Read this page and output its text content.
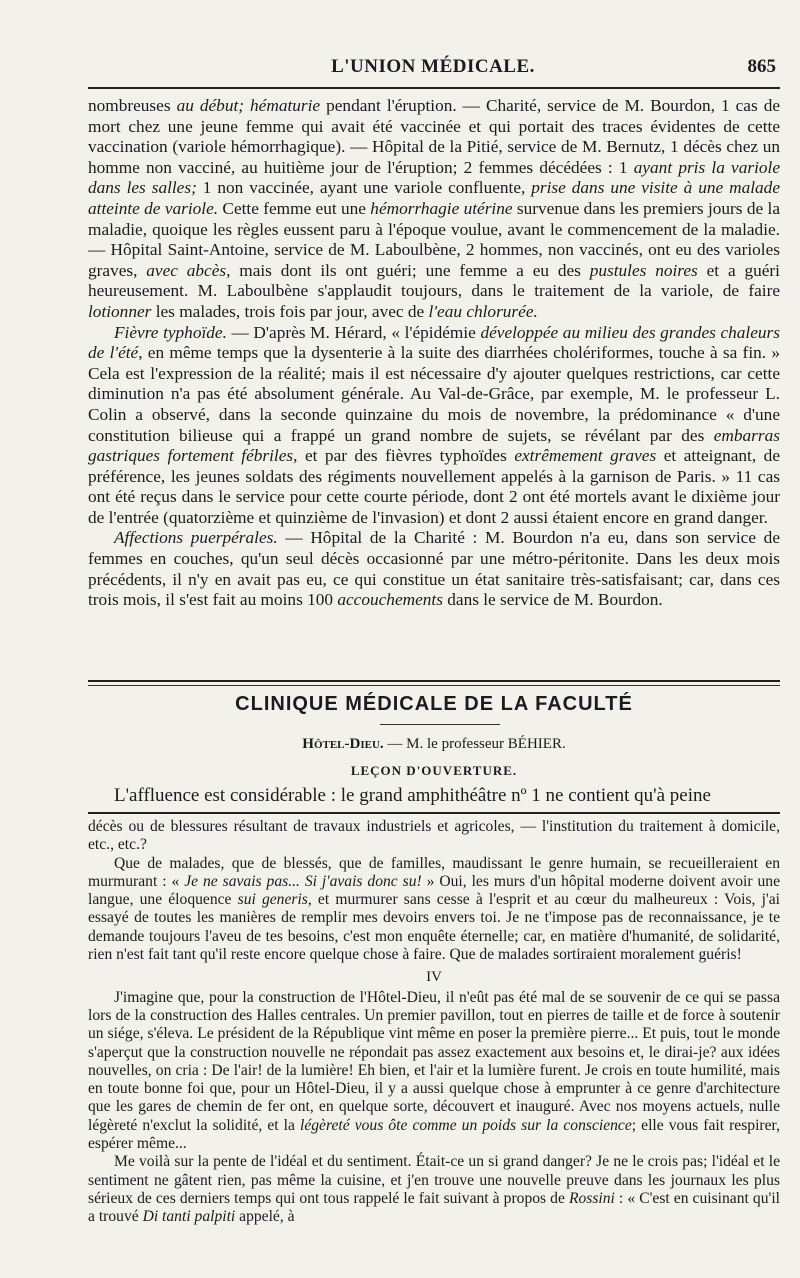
L'UNION MÉDICALE.	865

nombreuses au début; hématurie pendant l'éruption. — Charité, service de M. Bourdon, 1 cas de mort chez une jeune femme qui avait été vaccinée et qui portait des traces évidentes de cette vaccination (variole hémorrhagique). — Hôpital de la Pitié, service de M. Bernutz, 1 décès chez un homme non vacciné, au huitième jour de l'éruption; 2 femmes décédées : 1 ayant pris la variole dans les salles; 1 non vaccinée, ayant une variole confluente, prise dans une visite à une malade atteinte de variole. Cette femme eut une hémorrhagie utérine survenue dans les premiers jours de la maladie, quoique les règles eussent paru à l'époque voulue, avant le commencement de la maladie. — Hôpital Saint-Antoine, service de M. Laboulbène, 2 hommes, non vaccinés, ont eu des varioles graves, avec abcès, mais dont ils ont guéri; une femme a eu des pustules noires et a guéri heureusement. M. Laboulbène s'applaudit toujours, dans le traitement de la variole, de faire lotionner les malades, trois fois par jour, avec de l'eau chlorurée.

Fièvre typhoïde. — D'après M. Hérard, « l'épidémie développée au milieu des grandes chaleurs de l'été, en même temps que la dysenterie à la suite des diarrhées cholériformes, touche à sa fin. » Cela est l'expression de la réalité; mais il est nécessaire d'y ajouter quelques restrictions, car cette diminution n'a pas été absolument générale. Au Val-de-Grâce, par exemple, M. le professeur L. Colin a observé, dans la seconde quinzaine du mois de novembre, la prédominance « d'une constitution bilieuse qui a frappé un grand nombre de sujets, se révélant par des embarras gastriques fortement fébriles, et par des fièvres typhoïdes extrêmement graves et atteignant, de préférence, les jeunes soldats des régiments nouvellement appelés à la garnison de Paris. » 11 cas ont été reçus dans le service pour cette courte période, dont 2 ont été mortels avant le dixième jour de l'entrée (quatorzième et quinzième de l'invasion) et dont 2 aussi étaient encore en grand danger.

Affections puerpérales. — Hôpital de la Charité : M. Bourdon n'a eu, dans son service de femmes en couches, qu'un seul décès occasionné par une métro-péritonite. Dans les deux mois précédents, il n'y en avait pas eu, ce qui constitue un état sanitaire très-satisfaisant; car, dans ces trois mois, il s'est fait au moins 100 accouchements dans le service de M. Bourdon.

CLINIQUE MÉDICALE DE LA FACULTÉ
Hôtel-Dieu. — M. le professeur BÉHIER.
LEÇON D'OUVERTURE.
L'affluence est considérable : le grand amphithéâtre nº 1 ne contient qu'à peine

décès ou de blessures résultant de travaux industriels et agricoles, — l'institution du traitement à domicile, etc., etc.?

Que de malades, que de blessés, que de familles, maudissant le genre humain, se recueilleraient en murmurant : « Je ne savais pas... Si j'avais donc su! » Oui, les murs d'un hôpital moderne doivent avoir une langue, une éloquence sui generis, et murmurer sans cesse à l'esprit et au cœur du malheureux : Vois, j'ai essayé de toutes les manières de remplir mes devoirs envers toi. Je ne t'impose pas de reconnaissance, je te demande toujours l'aveu de tes besoins, c'est mon enquête éternelle; car, en matière d'humanité, de solidarité, rien n'est fait tant qu'il reste encore quelque chose à faire. Que de malades sortiraient moralement guéris!

IV

J'imagine que, pour la construction de l'Hôtel-Dieu, il n'eût pas été mal de se souvenir de ce qui se passa lors de la construction des Halles centrales. Un premier pavillon, tout en pierres de taille et de force à soutenir un siége, s'éleva. Le président de la République vint même en poser la première pierre... Et puis, tout le monde s'aperçut que la construction nouvelle ne répondait pas assez exactement aux besoins et, le dirai-je? aux idées nouvelles, on cria : De l'air! de la lumière! Eh bien, et l'air et la lumière furent. Je crois en toute humilité, mais en toute bonne foi que, pour un Hôtel-Dieu, il y a aussi quelque chose à emprunter à ce genre d'architecture que les gares de chemin de fer ont, en quelque sorte, découvert et inauguré. Avec nos moyens actuels, nulle légèreté n'exclut la solidité, et la légèreté vous ôte comme un poids sur la conscience; elle vous fait respirer, espérer même...

Me voilà sur la pente de l'idéal et du sentiment. Était-ce un si grand danger? Je ne le crois pas; l'idéal et le sentiment ne gâtent rien, pas même la cuisine, et j'en trouve une nouvelle preuve dans les journaux les plus sérieux de ces derniers temps qui ont tous rappelé le fait suivant à propos de Rossini : « C'est en cuisinant qu'il a trouvé Di tanti palpiti appelé, à
